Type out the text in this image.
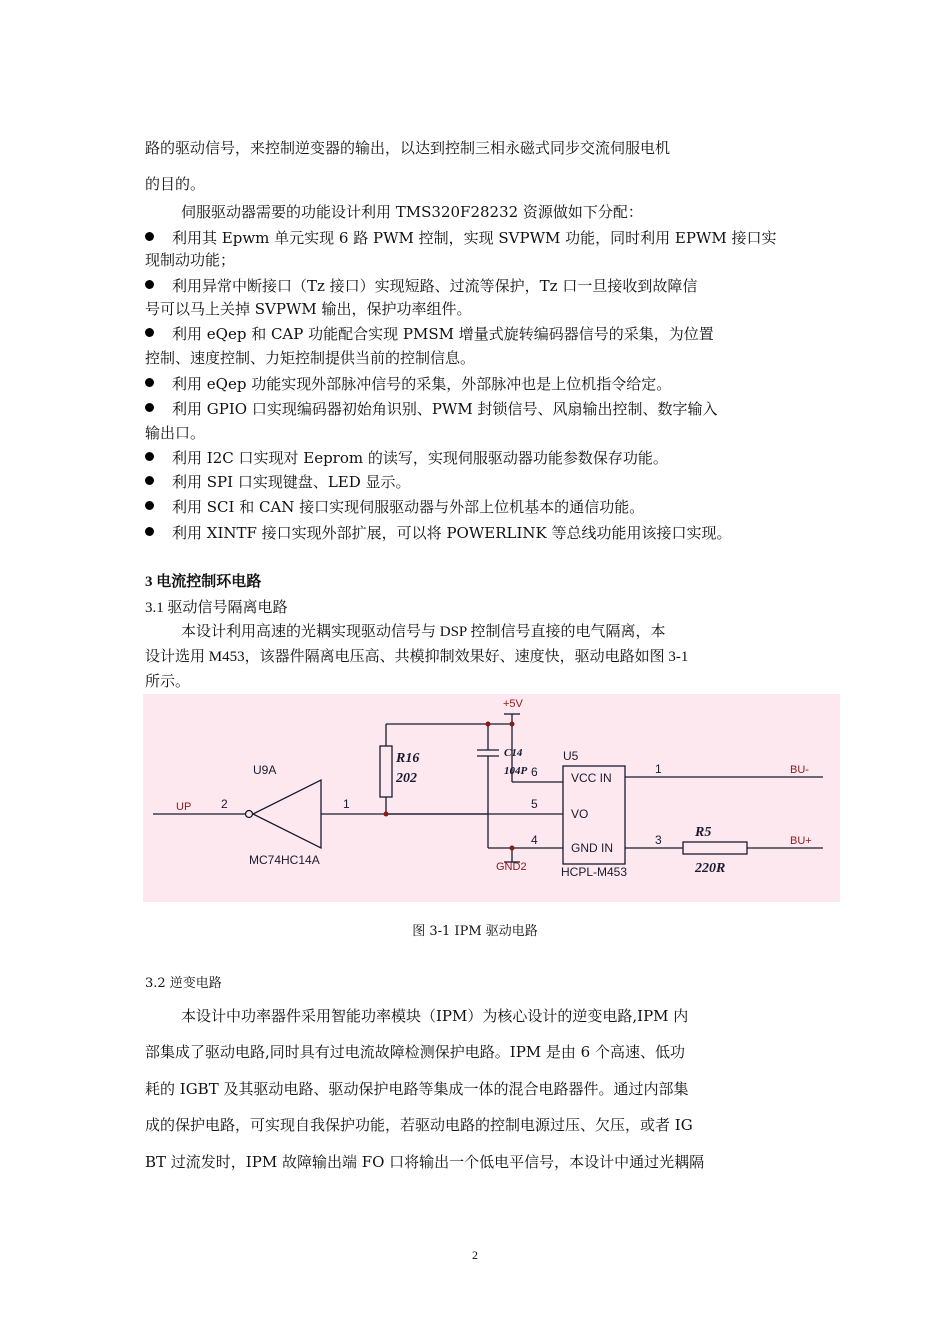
路的驱动信号，来控制逆变器的输出，以达到控制三相永磁式同步交流伺服电机

的目的。

伺服驱动器需要的功能设计利用 TMS320F28232 资源做如下分配：

利用其 Epwm 单元实现 6 路 PWM 控制，实现 SVPWM 功能，同时利用 EPWM 接口实
现制动功能；
利用异常中断接口（Tz 接口）实现短路、过流等保护，Tz 口一旦接收到故障信
号可以马上关掉 SVPWM 输出，保护功率组件。
利用 eQep 和 CAP 功能配合实现 PMSM 增量式旋转编码器信号的采集，为位置
控制、速度控制、力矩控制提供当前的控制信息。
利用 eQep 功能实现外部脉冲信号的采集，外部脉冲也是上位机指令给定。
利用 GPIO 口实现编码器初始角识别、PWM 封锁信号、风扇输出控制、数字输入
输出口。
利用 I2C 口实现对 Eeprom 的读写，实现伺服驱动器功能参数保存功能。
利用 SPI 口实现键盘、LED 显示。
利用 SCI 和 CAN 接口实现伺服驱动器与外部上位机基本的通信功能。
利用 XINTF 接口实现外部扩展，可以将 POWERLINK 等总线功能用该接口实现。
3 电流控制环电路
3.1 驱动信号隔离电路

本设计利用高速的光耦实现驱动信号与 DSP 控制信号直接的电气隔离，本

设计选用 M453，该器件隔离电压高、共模抑制效果好、速度快，驱动电路如图 3-1

所示。

+5V
UP
GND2
BU-
BU+
U9A
2	1
MC74HC14A
U5
6
5
4
1
3
VCC IN
VO
GND IN
HCPL-M453
R16
202
R5
220R
C14
104P
图 3-1 IPM 驱动电路
3.2 逆变电路

本设计中功率器件采用智能功率模块（IPM）为核心设计的逆变电路,IPM 内

部集成了驱动电路,同时具有过电流故障检测保护电路。IPM 是由 6 个高速、低功

耗的 IGBT 及其驱动电路、驱动保护电路等集成一体的混合电路器件。通过内部集

成的保护电路，可实现自我保护功能，若驱动电路的控制电源过压、欠压，或者 IG

BT 过流发时，IPM 故障输出端 FO 口将输出一个低电平信号，本设计中通过光耦隔

2
